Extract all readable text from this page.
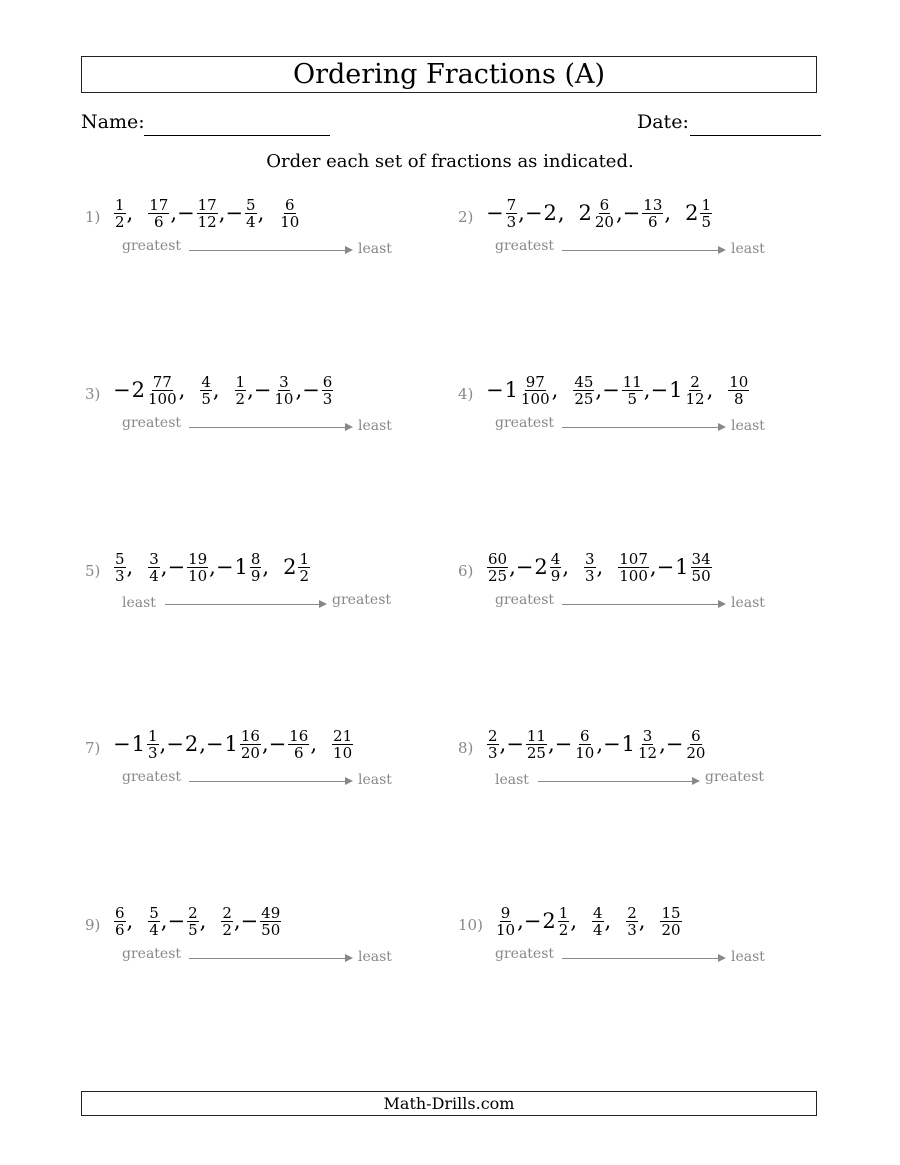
Ordering Fractions (A)
Name:	Date:
Order each set of fractions as indicated.
$1) \frac{1}{2}$ , $\frac{17}{6}$ , − $\frac{17}{12}$ , − $\frac{5}{4}$ , $\frac{6}{10}$
greatest	least
$2) - \frac{7}{3}$ , − 2 , $2 \frac{6}{20}$ , − $\frac{13}{6}$ , $2 \frac{1}{5}$
greatest	least
$3) - 2 \frac{77}{100}$ , $\frac{4}{5}$ , $\frac{1}{2}$ , − $\frac{3}{10}$ , − $\frac{6}{3}$
greatest	least
$4) - 1 \frac{97}{100}$ , $\frac{45}{25}$ , − $\frac{11}{5}$ , − $1 \frac{2}{12}$ , $\frac{10}{8}$
greatest	least
$5) \frac{5}{3}$ , $\frac{3}{4}$ , − $\frac{19}{10}$ , − $1 \frac{8}{9}$ , $2 \frac{1}{2}$
least	greatest
$6) \frac{60}{25}$ , − $2 \frac{4}{9}$ , $\frac{3}{3}$ , $\frac{107}{100}$ , − $1 \frac{34}{50}$
greatest	least
$7) - 1 \frac{1}{3}$ , − 2 , − $1 \frac{16}{20}$ , − $\frac{16}{6}$ , $\frac{21}{10}$
greatest	least
$8) \frac{2}{3}$ , − $\frac{11}{25}$ , − $\frac{6}{10}$ , − $1 \frac{3}{12}$ , − $\frac{6}{20}$
least	greatest
$9) \frac{6}{6}$ , $\frac{5}{4}$ , − $\frac{2}{5}$ , $\frac{2}{2}$ , − $\frac{49}{50}$
greatest	least
$10) \frac{9}{10}$ , − $2 \frac{1}{2}$ , $\frac{4}{4}$ , $\frac{2}{3}$ , $\frac{15}{20}$
greatest	least
Math-Drills.com
